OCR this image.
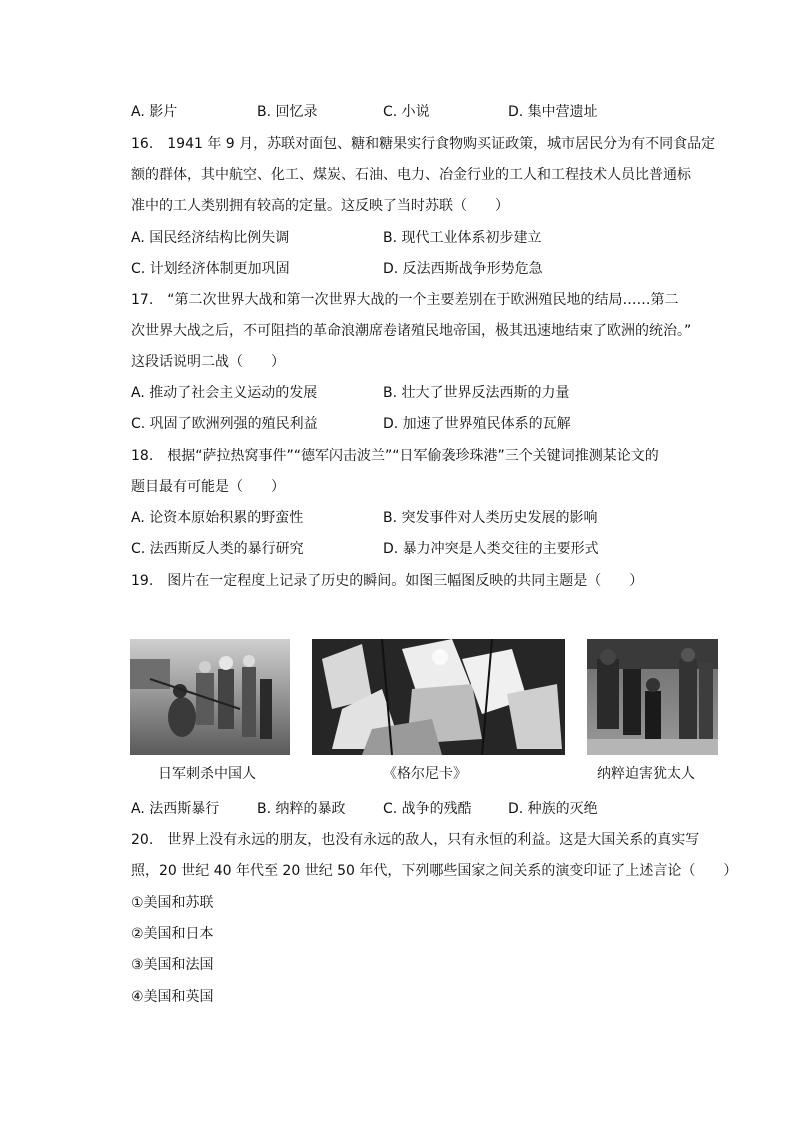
A. 影片	B. 回忆录	C. 小说	D. 集中营遗址
16. 1941 年 9 月，苏联对面包、糖和糖果实行食物购买证政策，城市居民分为有不同食品定
额的群体，其中航空、化工、煤炭、石油、电力、冶金行业的工人和工程技术人员比普通标
准中的工人类别拥有较高的定量。这反映了当时苏联（　　）
A. 国民经济结构比例失调	B. 现代工业体系初步建立
C. 计划经济体制更加巩固	D. 反法西斯战争形势危急
17. “第二次世界大战和第一次世界大战的一个主要差别在于欧洲殖民地的结局……第二
次世界大战之后，不可阻挡的革命浪潮席卷诸殖民地帝国，极其迅速地结束了欧洲的统治。”
这段话说明二战（　　）
A. 推动了社会主义运动的发展	B. 壮大了世界反法西斯的力量
C. 巩固了欧洲列强的殖民利益	D. 加速了世界殖民体系的瓦解
18. 根据“萨拉热窝事件”“德军闪击波兰”“日军偷袭珍珠港”三个关键词推测某论文的
题目最有可能是（　　）
A. 论资本原始积累的野蛮性	B. 突发事件对人类历史发展的影响
C. 法西斯反人类的暴行研究	D. 暴力冲突是人类交往的主要形式
19. 图片在一定程度上记录了历史的瞬间。如图三幅图反映的共同主题是（　　）
日军刺杀中国人	《格尔尼卡》	纳粹迫害犹太人
A. 法西斯暴行	B. 纳粹的暴政	C. 战争的残酷	D. 种族的灭绝
20. 世界上没有永远的朋友，也没有永远的敌人，只有永恒的利益。这是大国关系的真实写
照，20 世纪 40 年代至 20 世纪 50 年代，下列哪些国家之间关系的演变印证了上述言论（　　）
①美国和苏联
②美国和日本
③美国和法国
④美国和英国
